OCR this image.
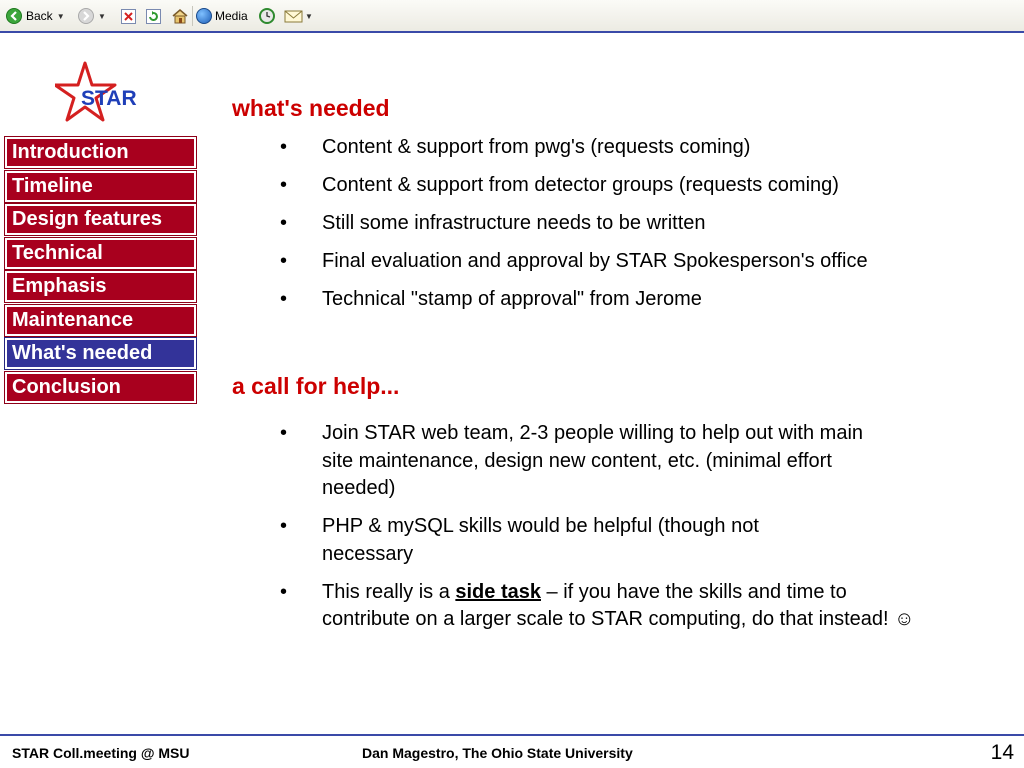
Back ▼	▼	Media	▼
STAR
Introduction
Timeline
Design features
Technical
Emphasis
Maintenance
What's needed
Conclusion
what's needed
• Content & support from pwg's (requests coming)
• Content & support from detector groups (requests coming)
• Still some infrastructure needs to be written
• Final evaluation and approval by STAR Spokesperson's office
• Technical "stamp of approval" from Jerome
a call for help...
• Join STAR web team, 2-3 people willing to help out with main site maintenance, design new content, etc. (minimal effort needed)
• PHP & mySQL skills would be helpful (though not necessary
• This really is a side task – if you have the skills and time to contribute on a larger scale to STAR computing, do that instead! ☺
STAR Coll.meeting @ MSU	Dan Magestro, The Ohio State University	14
